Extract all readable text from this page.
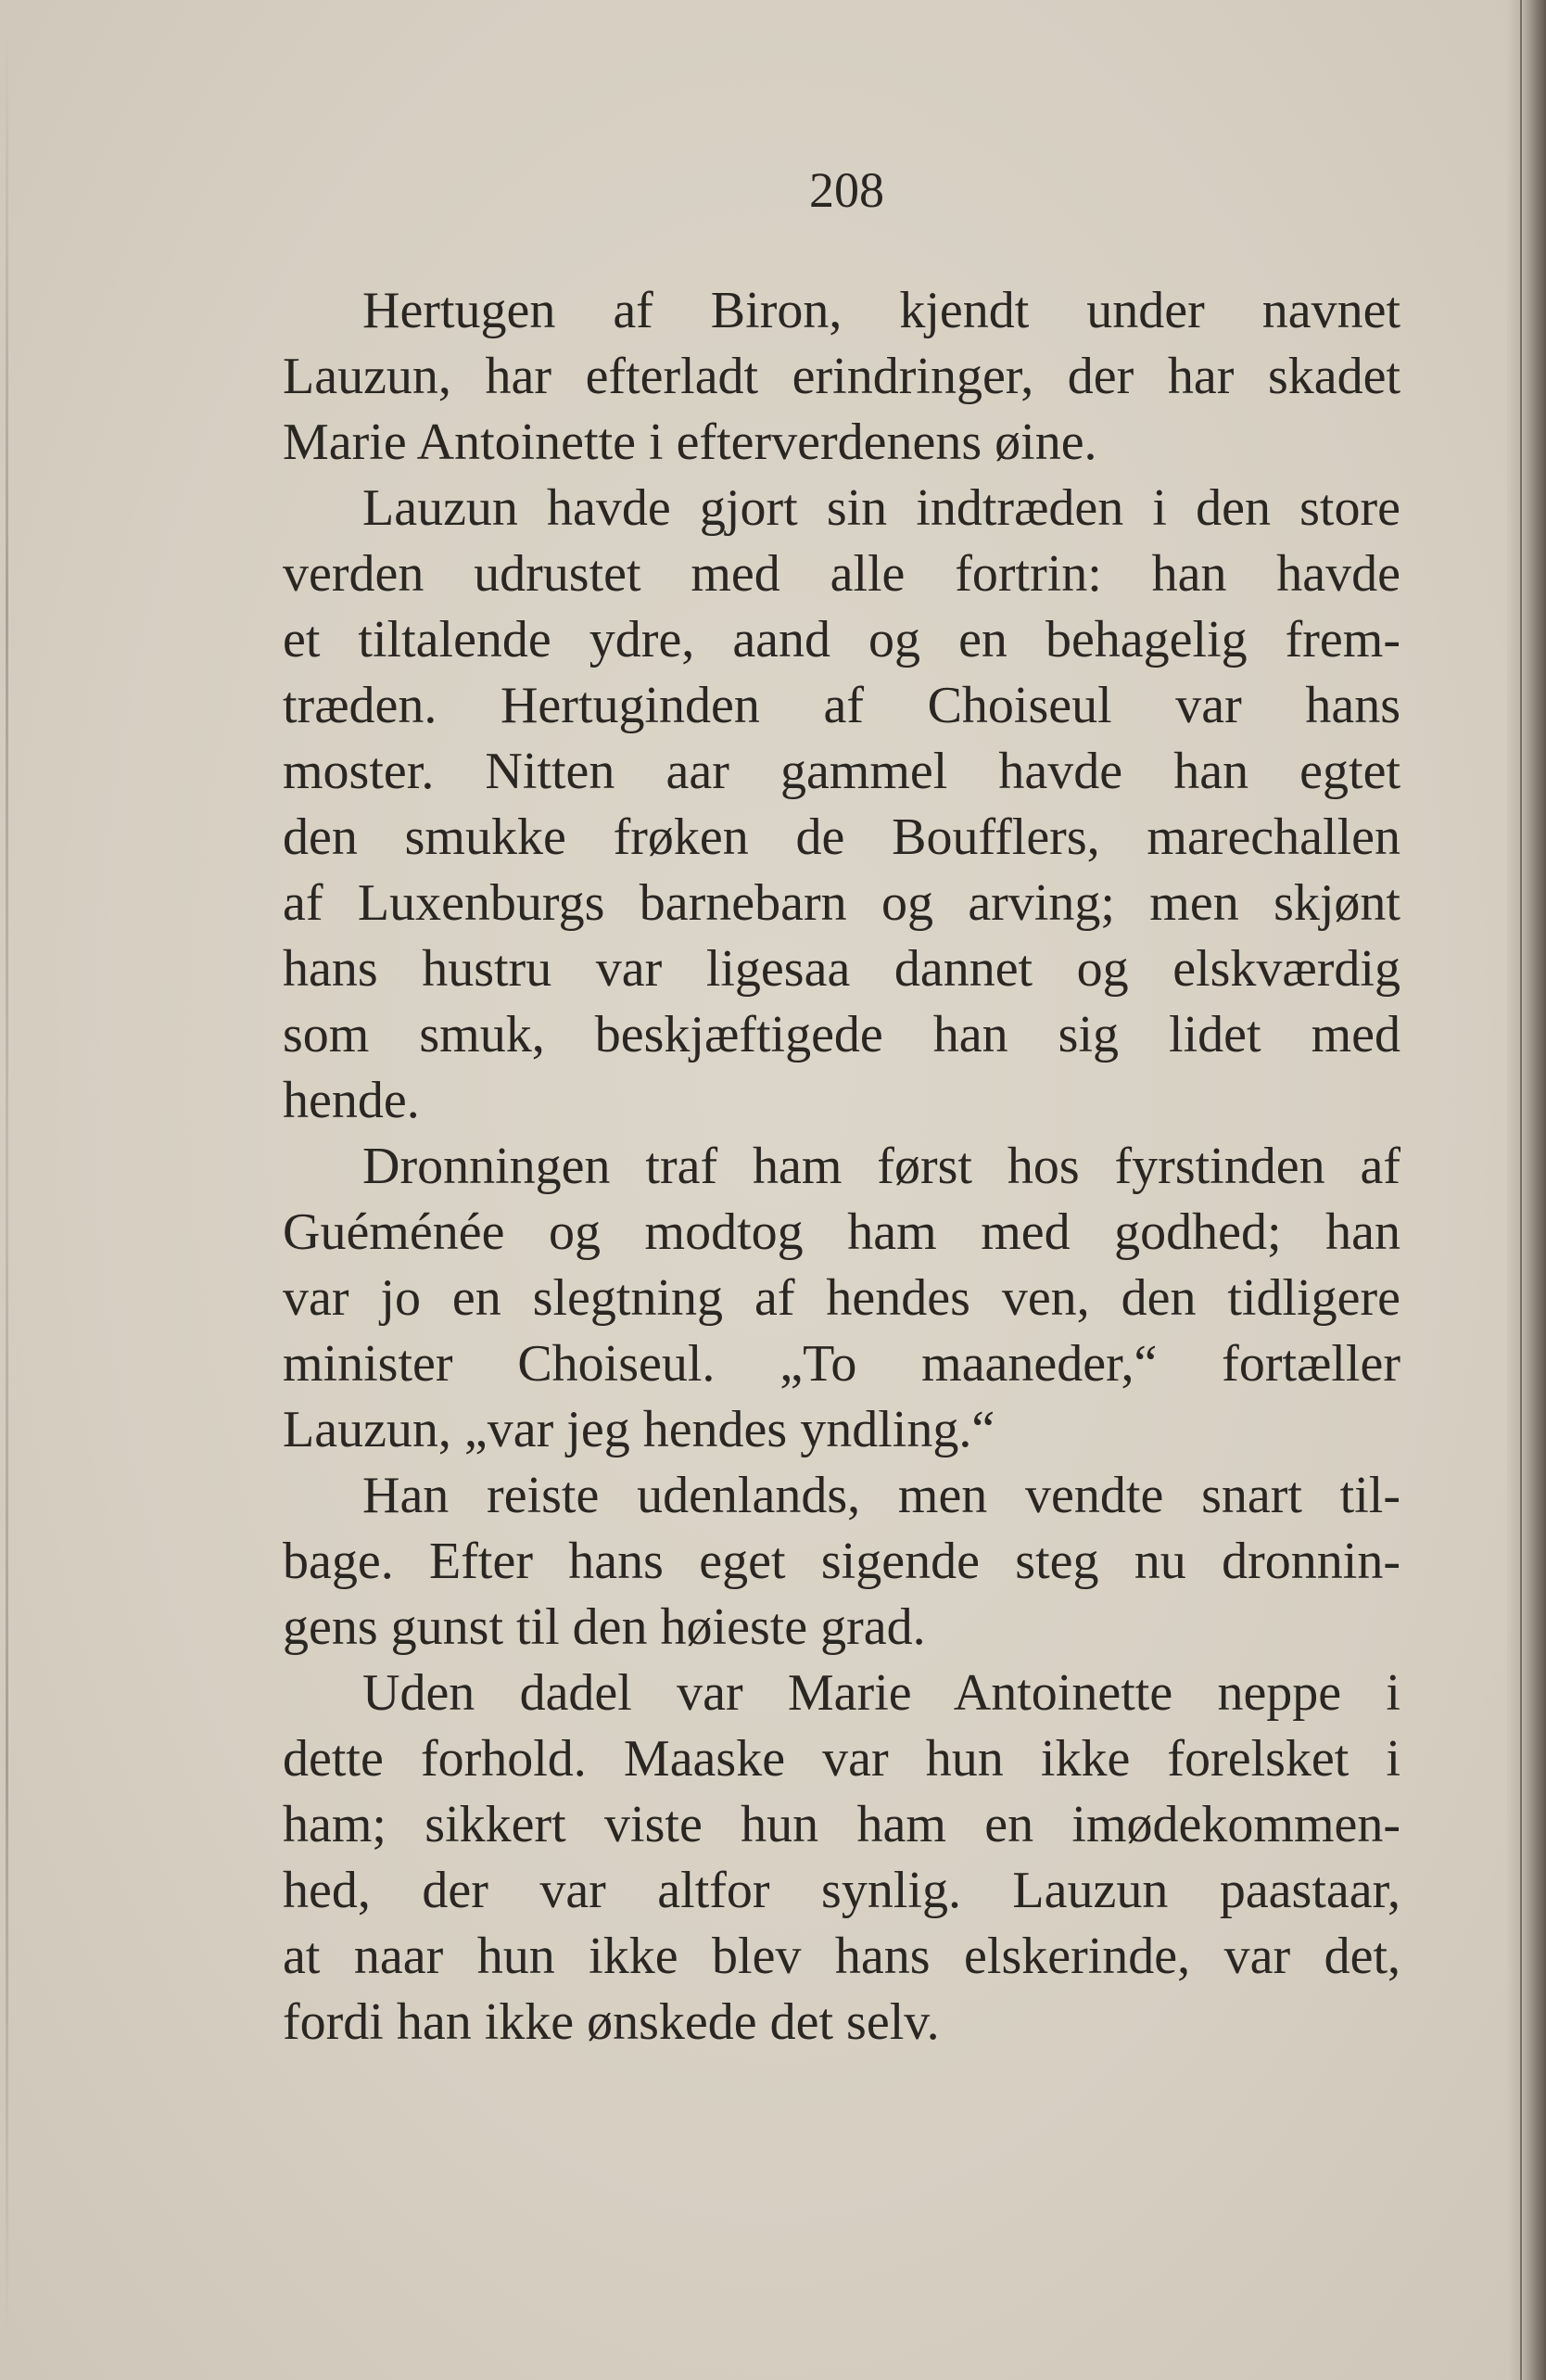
208
Hertugen af Biron, kjendt under navnet
Lauzun, har efterladt erindringer, der har skadet
Marie Antoinette i efterverdenens øine.
Lauzun havde gjort sin indtræden i den store
verden udrustet med alle fortrin: han havde
et tiltalende ydre, aand og en behagelig frem-
træden. Hertuginden af Choiseul var hans
moster. Nitten aar gammel havde han egtet
den smukke frøken de Boufflers, marechallen
af Luxenburgs barnebarn og arving; men skjønt
hans hustru var ligesaa dannet og elskværdig
som smuk, beskjæftigede han sig lidet med
hende.
Dronningen traf ham først hos fyrstinden af
Guéménée og modtog ham med godhed; han
var jo en slegtning af hendes ven, den tidligere
minister Choiseul. „To maaneder,“ fortæller
Lauzun, „var jeg hendes yndling.“
Han reiste udenlands, men vendte snart til-
bage. Efter hans eget sigende steg nu dronnin-
gens gunst til den høieste grad.
Uden dadel var Marie Antoinette neppe i
dette forhold. Maaske var hun ikke forelsket i
ham; sikkert viste hun ham en imødekommen-
hed, der var altfor synlig. Lauzun paastaar,
at naar hun ikke blev hans elskerinde, var det,
fordi han ikke ønskede det selv.
